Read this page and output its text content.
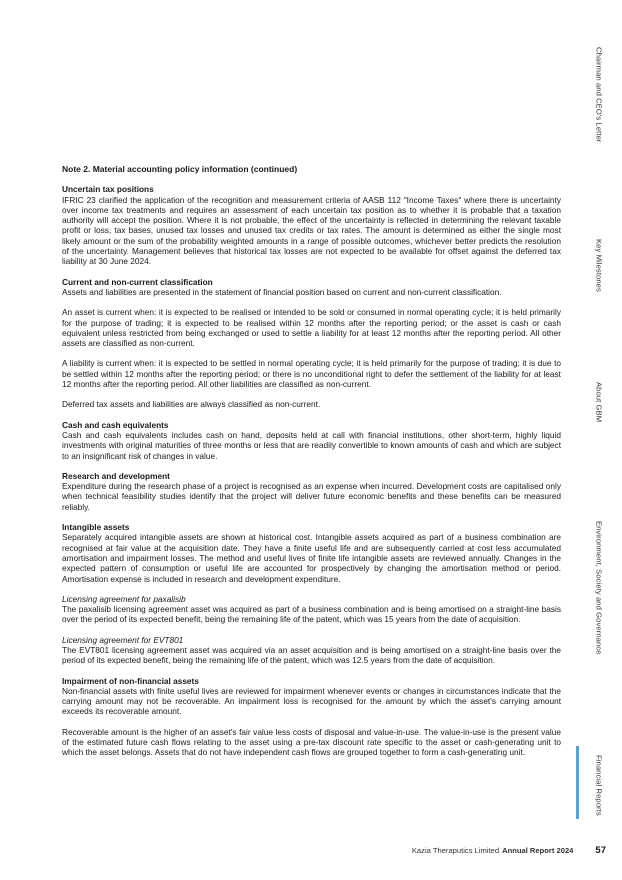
Note 2. Material accounting policy information (continued)
Uncertain tax positions

IFRIC 23 clarified the application of the recognition and measurement criteria of AASB 112 "Income Taxes" where there is uncertainty over income tax treatments and requires an assessment of each uncertain tax position as to whether it is probable that a taxation authority will accept the position. Where it is not probable, the effect of the uncertainty is reflected in determining the relevant taxable profit or loss, tax bases, unused tax losses and unused tax credits or tax rates. The amount is determined as either the single most likely amount or the sum of the probability weighted amounts in a range of possible outcomes, whichever better predicts the resolution of the uncertainty. Management believes that historical tax losses are not expected to be available for offset against the deferred tax liability at 30 June 2024.

Current and non-current classification

Assets and liabilities are presented in the statement of financial position based on current and non-current classification.

An asset is current when: it is expected to be realised or intended to be sold or consumed in normal operating cycle; it is held primarily for the purpose of trading; it is expected to be realised within 12 months after the reporting period; or the asset is cash or cash equivalent unless restricted from being exchanged or used to settle a liability for at least 12 months after the reporting period. All other assets are classified as non-current.

A liability is current when: it is expected to be settled in normal operating cycle; it is held primarily for the purpose of trading; it is due to be settled within 12 months after the reporting period; or there is no unconditional right to defer the settlement of the liability for at least 12 months after the reporting period. All other liabilities are classified as non-current.

Deferred tax assets and liabilities are always classified as non-current.

Cash and cash equivalents

Cash and cash equivalents includes cash on hand, deposits held at call with financial institutions, other short-term, highly liquid investments with original maturities of three months or less that are readily convertible to known amounts of cash and which are subject to an insignificant risk of changes in value.

Research and development

Expenditure during the research phase of a project is recognised as an expense when incurred. Development costs are capitalised only when technical feasibility studies identify that the project will deliver future economic benefits and these benefits can be measured reliably.

Intangible assets

Separately acquired intangible assets are shown at historical cost. Intangible assets acquired as part of a business combination are recognised at fair value at the acquisition date. They have a finite useful life and are subsequently carried at cost less accumulated amortisation and impairment losses. The method and useful lives of finite life intangible assets are reviewed annually. Changes in the expected pattern of consumption or useful life are accounted for prospectively by changing the amortisation method or period. Amortisation expense is included in research and development expenditure.

Licensing agreement for paxalisib

The paxalisib licensing agreement asset was acquired as part of a business combination and is being amortised on a straight-line basis over the period of its expected benefit, being the remaining life of the patent, which was 15 years from the date of acquisition.

Licensing agreement for EVT801

The EVT801 licensing agreement asset was acquired via an asset acquisition and is being amortised on a straight-line basis over the period of its expected benefit, being the remaining life of the patent, which was 12.5 years from the date of acquisition.

Impairment of non-financial assets

Non-financial assets with finite useful lives are reviewed for impairment whenever events or changes in circumstances indicate that the carrying amount may not be recoverable. An impairment loss is recognised for the amount by which the asset's carrying amount exceeds its recoverable amount.

Recoverable amount is the higher of an asset's fair value less costs of disposal and value-in-use. The value-in-use is the present value of the estimated future cash flows relating to the asset using a pre-tax discount rate specific to the asset or cash-generating unit to which the asset belongs. Assets that do not have independent cash flows are grouped together to form a cash-generating unit.

Chairman and CEO's Letter
Key Milestones
About GBM
Environment, Society and Governance
Financial Reports
Kazia Theraputics Limited Annual Report 2024 57
